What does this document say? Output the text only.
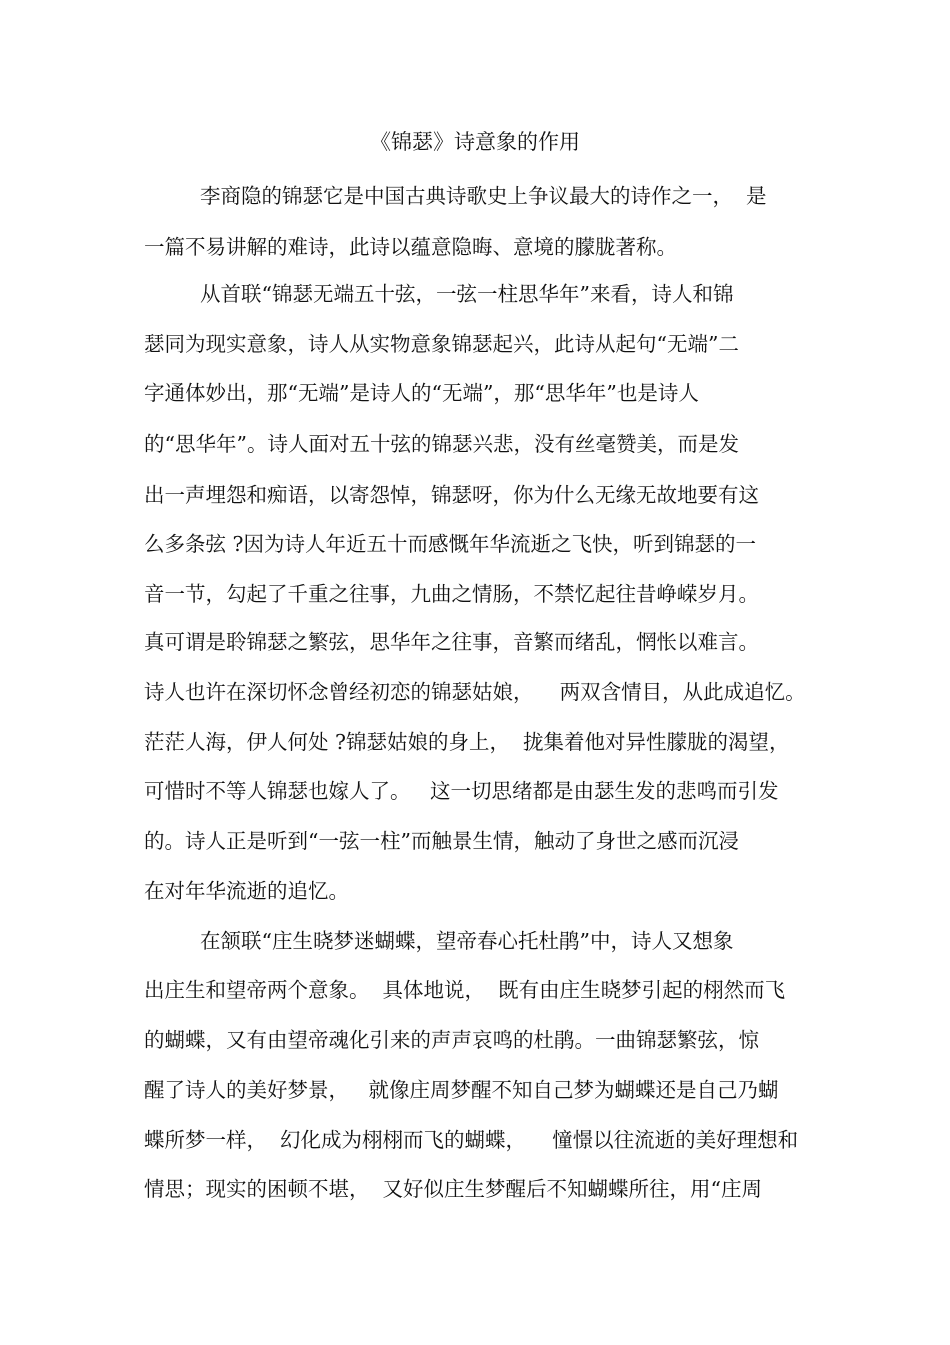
《锦瑟》诗意象的作用
李商隐的锦瑟它是中国古典诗歌史上争议最大的诗作之一，  是
一篇不易讲解的难诗，此诗以蕴意隐晦、意境的朦胧著称。
从首联“锦瑟无端五十弦，一弦一柱思华年”来看，诗人和锦
瑟同为现实意象，诗人从实物意象锦瑟起兴，此诗从起句“无端”二
字通体妙出，那“无端”是诗人的“无端”，那“思华年”也是诗人
的“思华年”。诗人面对五十弦的锦瑟兴悲，没有丝毫赞美，而是发
出一声埋怨和痴语，以寄怨悼，锦瑟呀，你为什么无缘无故地要有这
么多条弦 ?因为诗人年近五十而感慨年华流逝之飞快，听到锦瑟的一
音一节，勾起了千重之往事，九曲之情肠，不禁忆起往昔峥嵘岁月。
真可谓是聆锦瑟之繁弦，思华年之往事，音繁而绪乱，惘怅以难言。
诗人也许在深切怀念曾经初恋的锦瑟姑娘，    两双含情目，从此成追忆。
茫茫人海，伊人何处 ?锦瑟姑娘的身上，  拢集着他对异性朦胧的渴望，
可惜时不等人锦瑟也嫁人了。   这一切思绪都是由瑟生发的悲鸣而引发
的。诗人正是听到“一弦一柱”而触景生情，触动了身世之感而沉浸
在对年华流逝的追忆。
在颔联“庄生晓梦迷蝴蝶，望帝春心托杜鹃”中，诗人又想象
出庄生和望帝两个意象。  具体地说，  既有由庄生晓梦引起的栩然而飞
的蝴蝶，又有由望帝魂化引来的声声哀鸣的杜鹃。一曲锦瑟繁弦，惊
醒了诗人的美好梦景，   就像庄周梦醒不知自己梦为蝴蝶还是自己乃蝴
蝶所梦一样，  幻化成为栩栩而飞的蝴蝶，    憧憬以往流逝的美好理想和
情思；现实的困顿不堪，  又好似庄生梦醒后不知蝴蝶所往，用“庄周
